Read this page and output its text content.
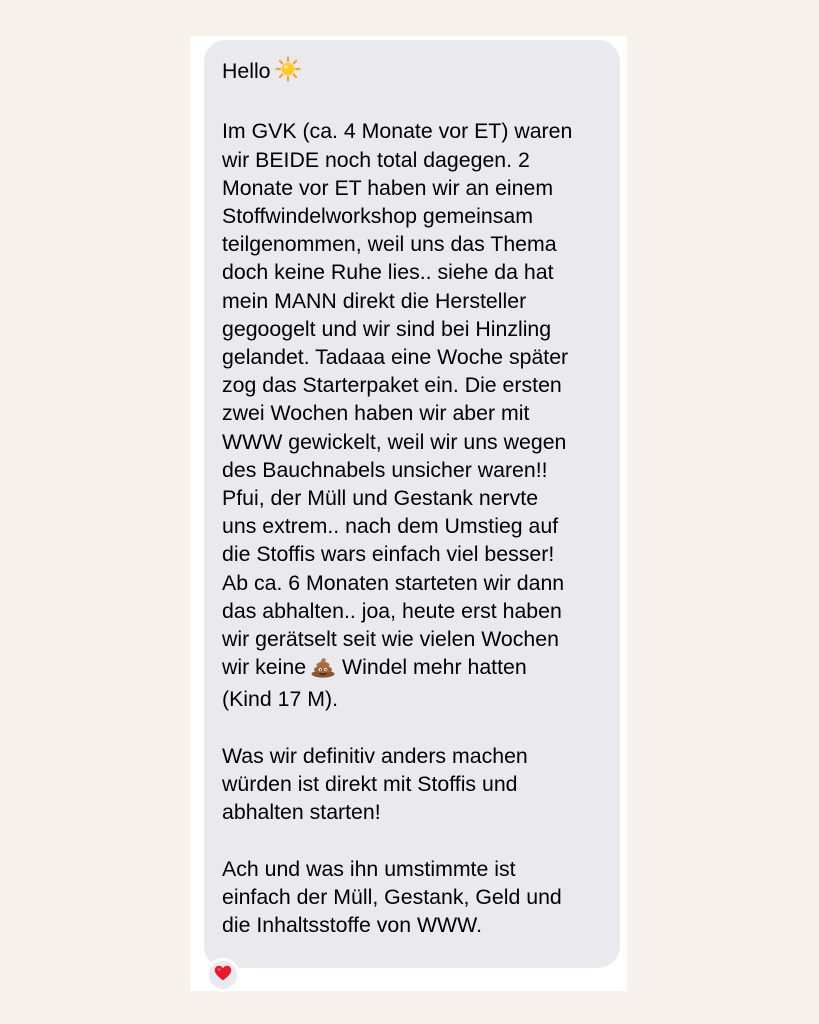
Hello

Im GVK (ca. 4 Monate vor ET) waren
wir BEIDE noch total dagegen. 2
Monate vor ET haben wir an einem
Stoffwindelworkshop gemeinsam
teilgenommen, weil uns das Thema
doch keine Ruhe lies.. siehe da hat
mein MANN direkt die Hersteller
gegoogelt und wir sind bei Hinzling
gelandet. Tadaaa eine Woche später
zog das Starterpaket ein. Die ersten
zwei Wochen haben wir aber mit
WWW gewickelt, weil wir uns wegen
des Bauchnabels unsicher waren!!
Pfui, der Müll und Gestank nervte
uns extrem.. nach dem Umstieg auf
die Stoffis wars einfach viel besser!
Ab ca. 6 Monaten starteten wir dann
das abhalten.. joa, heute erst haben
wir gerätselt seit wie vielen Wochen
wir keine Windel mehr hatten
(Kind 17 M).

Was wir definitiv anders machen
würden ist direkt mit Stoffis und
abhalten starten!

Ach und was ihn umstimmte ist
einfach der Müll, Gestank, Geld und
die Inhaltsstoffe von WWW.
